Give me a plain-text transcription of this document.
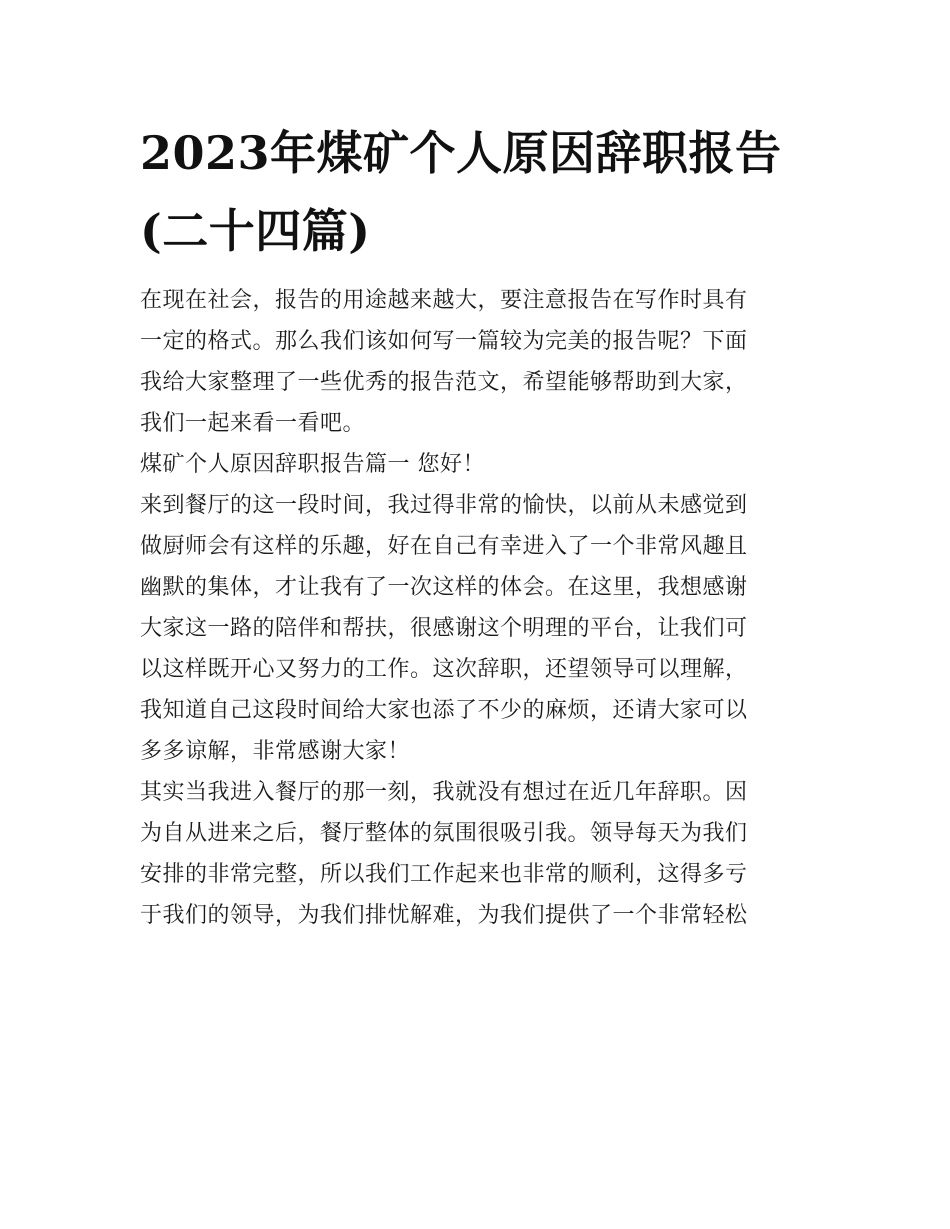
2023年煤矿个人原因辞职报告
(二十四篇)
在现在社会，报告的用途越来越大，要注意报告在写作时具有
一定的格式。那么我们该如何写一篇较为完美的报告呢？下面
我给大家整理了一些优秀的报告范文，希望能够帮助到大家，
我们一起来看一看吧。
煤矿个人原因辞职报告篇一 您好！
来到餐厅的这一段时间，我过得非常的愉快，以前从未感觉到
做厨师会有这样的乐趣，好在自己有幸进入了一个非常风趣且
幽默的集体，才让我有了一次这样的体会。在这里，我想感谢
大家这一路的陪伴和帮扶，很感谢这个明理的平台，让我们可
以这样既开心又努力的工作。这次辞职，还望领导可以理解，
我知道自己这段时间给大家也添了不少的麻烦，还请大家可以
多多谅解，非常感谢大家！
其实当我进入餐厅的那一刻，我就没有想过在近几年辞职。因
为自从进来之后，餐厅整体的氛围很吸引我。领导每天为我们
安排的非常完整，所以我们工作起来也非常的顺利，这得多亏
于我们的领导，为我们排忧解难，为我们提供了一个非常轻松
